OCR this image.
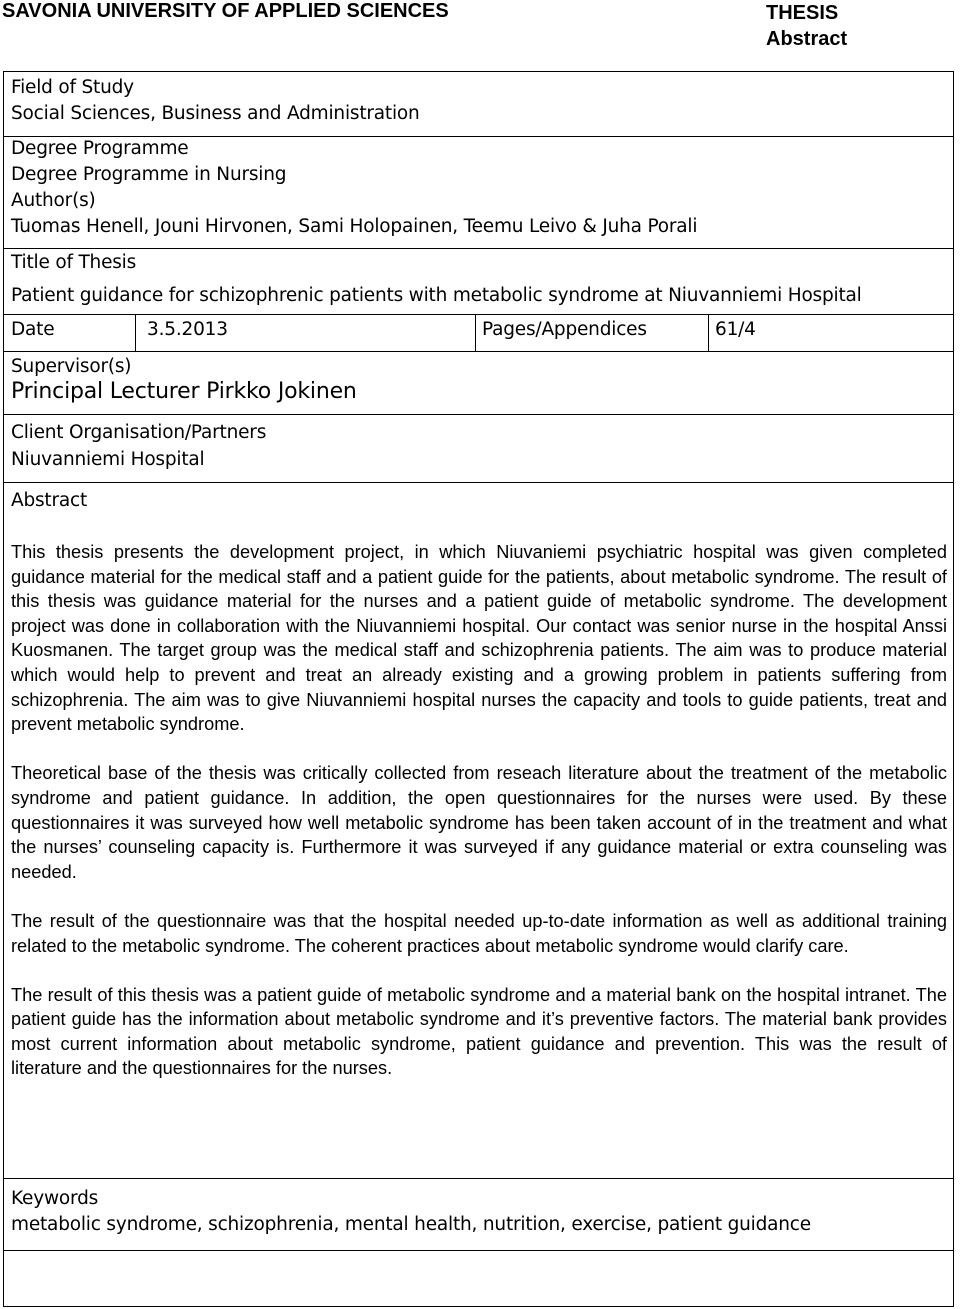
SAVONIA UNIVERSITY OF APPLIED SCIENCES	THESIS
Abstract
Field of Study
Social Sciences, Business and Administration
Degree Programme
Degree Programme in Nursing
Author(s)
Tuomas Henell, Jouni Hirvonen, Sami Holopainen, Teemu Leivo & Juha Porali
Title of Thesis
Patient guidance for schizophrenic patients with metabolic syndrome at Niuvanniemi Hospital
Date	3.5.2013	Pages/Appendices	61/4
Supervisor(s)
Principal Lecturer Pirkko Jokinen
Client Organisation/Partners
Niuvanniemi Hospital
Abstract

This thesis presents the development project, in which Niuvaniemi psychiatric hospital was given completed guidance material for the medical staff and a patient guide for the patients, about metabolic syndrome. The result of this thesis was guidance material for the nurses and a patient guide of metabolic syndrome. The development project was done in collaboration with the Niuvanniemi hospital. Our contact was senior nurse in the hospital Anssi Kuosmanen. The target group was the medical staff and schizophrenia patients. The aim was to produce material which would help to prevent and treat an already existing and a growing problem in patients suffering from schizophrenia. The aim was to give Niuvanniemi hospital nurses the capacity and tools to guide patients, treat and prevent metabolic syndrome.

Theoretical base of the thesis was critically collected from reseach literature about the treatment of the metabolic syndrome and patient guidance. In addition, the open questionnaires for the nurses were used. By these questionnaires it was surveyed how well metabolic syndrome has been taken account of in the treatment and what the nurses’ counseling capacity is. Furthermore it was surveyed if any guidance material or extra counseling was needed.

The result of the questionnaire was that the hospital needed up-to-date information as well as additional training related to the metabolic syndrome. The coherent practices about metabolic syndrome would clarify care.

The result of this thesis was a patient guide of metabolic syndrome and a material bank on the hospital intranet. The patient guide has the information about metabolic syndrome and it’s preventive factors. The material bank provides most current information about metabolic syndrome, patient guidance and prevention. This was the result of literature and the questionnaires for the nurses.

Keywords
metabolic syndrome, schizophrenia, mental health, nutrition, exercise, patient guidance
